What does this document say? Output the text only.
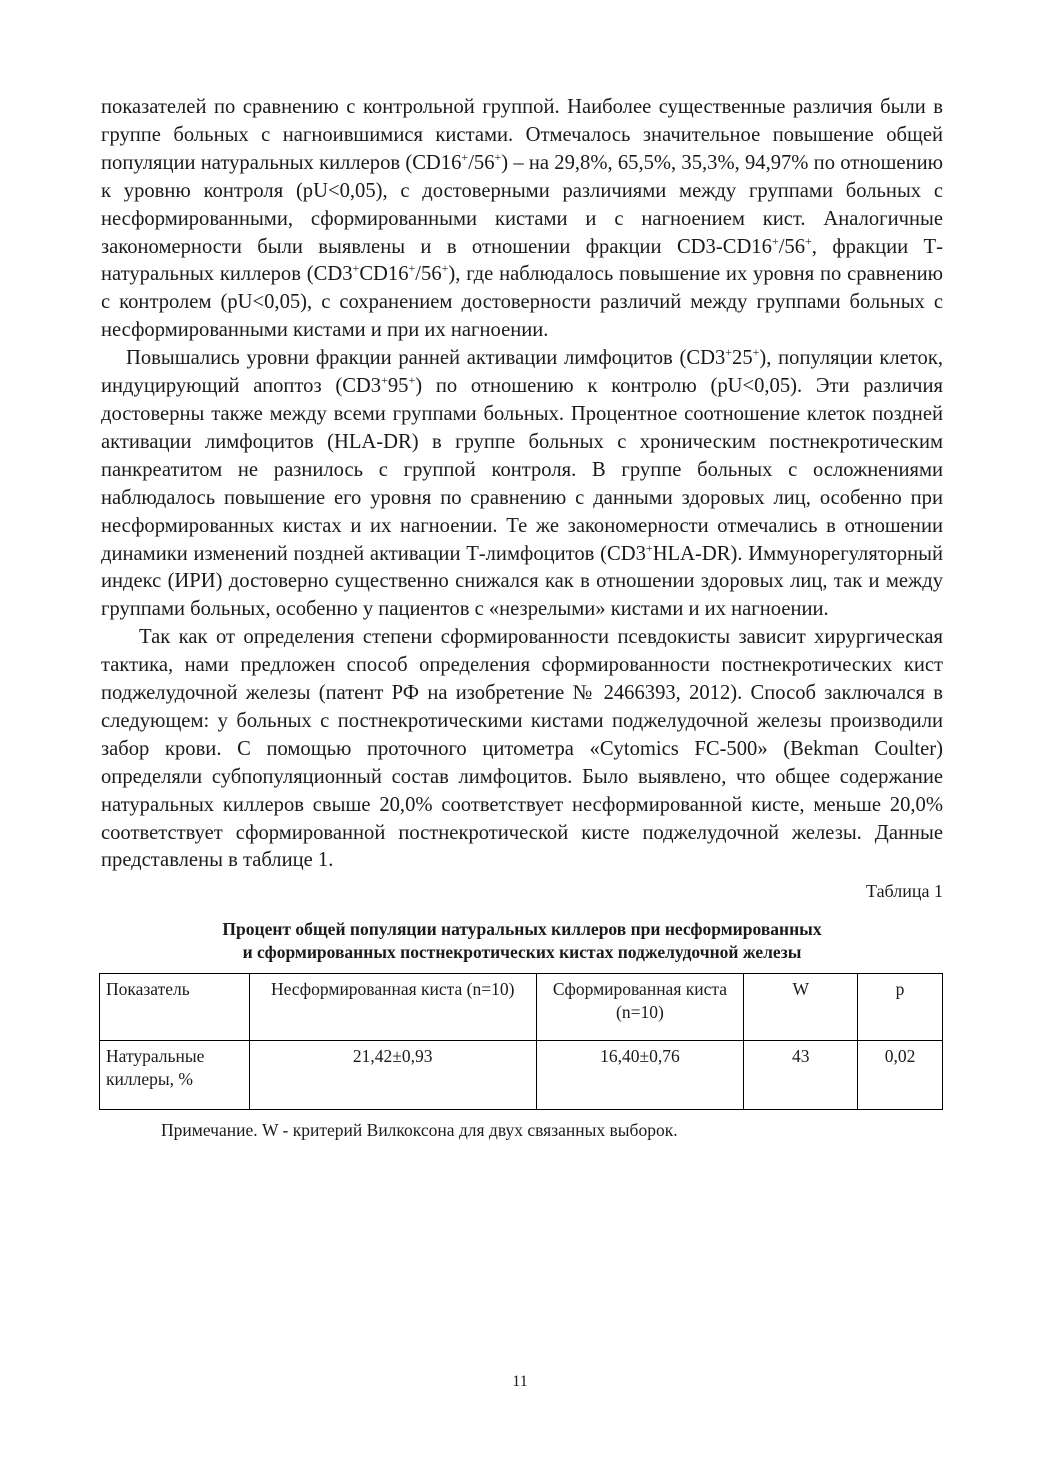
показателей по сравнению с контрольной группой. Наиболее существенные различия были в группе больных с нагноившимися кистами. Отмечалось значительное повышение общей популяции натуральных киллеров (CD16+/56+) – на 29,8%, 65,5%, 35,3%, 94,97% по отношению к уровню контроля (pU<0,05), с достоверными различиями между группами больных с несформированными, сформированными кистами и с нагноением кист. Аналогичные закономерности были выявлены и в отношении фракции CD3-CD16+/56+, фракции Т-натуральных киллеров (CD3+CD16+/56+), где наблюдалось повышение их уровня по сравнению с контролем (pU<0,05), с сохранением достоверности различий между группами больных с несформированными кистами и при их нагноении.

Повышались уровни фракции ранней активации лимфоцитов (CD3+25+), популяции клеток, индуцирующий апоптоз (CD3+95+) по отношению к контролю (pU<0,05). Эти различия достоверны также между всеми группами больных. Процентное соотношение клеток поздней активации лимфоцитов (HLA-DR) в группе больных с хроническим постнекротическим панкреатитом не разнилось с группой контроля. В группе больных с осложнениями наблюдалось повышение его уровня по сравнению с данными здоровых лиц, особенно при несформированных кистах и их нагноении. Те же закономерности отмечались в отношении динамики изменений поздней активации Т-лимфоцитов (CD3+HLA-DR). Иммунорегуляторный индекс (ИРИ) достоверно существенно снижался как в отношении здоровых лиц, так и между группами больных, особенно у пациентов с «незрелыми» кистами и их нагноении.

Так как от определения степени сформированности псевдокисты зависит хирургическая тактика, нами предложен способ определения сформированности постнекротических кист поджелудочной железы (патент РФ на изобретение № 2466393, 2012). Способ заключался в следующем: у больных с постнекротическими кистами поджелудочной железы производили забор крови. С помощью проточного цитометра «Cytomics FC-500» (Bekman Coulter) определяли субпопуляционный состав лимфоцитов. Было выявлено, что общее содержание натуральных киллеров свыше 20,0% соответствует несформированной кисте, меньше 20,0% соответствует сформированной постнекротической кисте поджелудочной железы. Данные представлены в таблице 1.

Таблица 1
Процент общей популяции натуральных киллеров при несформированных
и сформированных постнекротических кистах поджелудочной железы
Показатель	Несформированная киста (n=10)	Сформированная киста (n=10)	W	p
Натуральные киллеры, %	21,42±0,93	16,40±0,76	43	0,02
Примечание. W - критерий Вилкоксона для двух связанных выборок.
11
